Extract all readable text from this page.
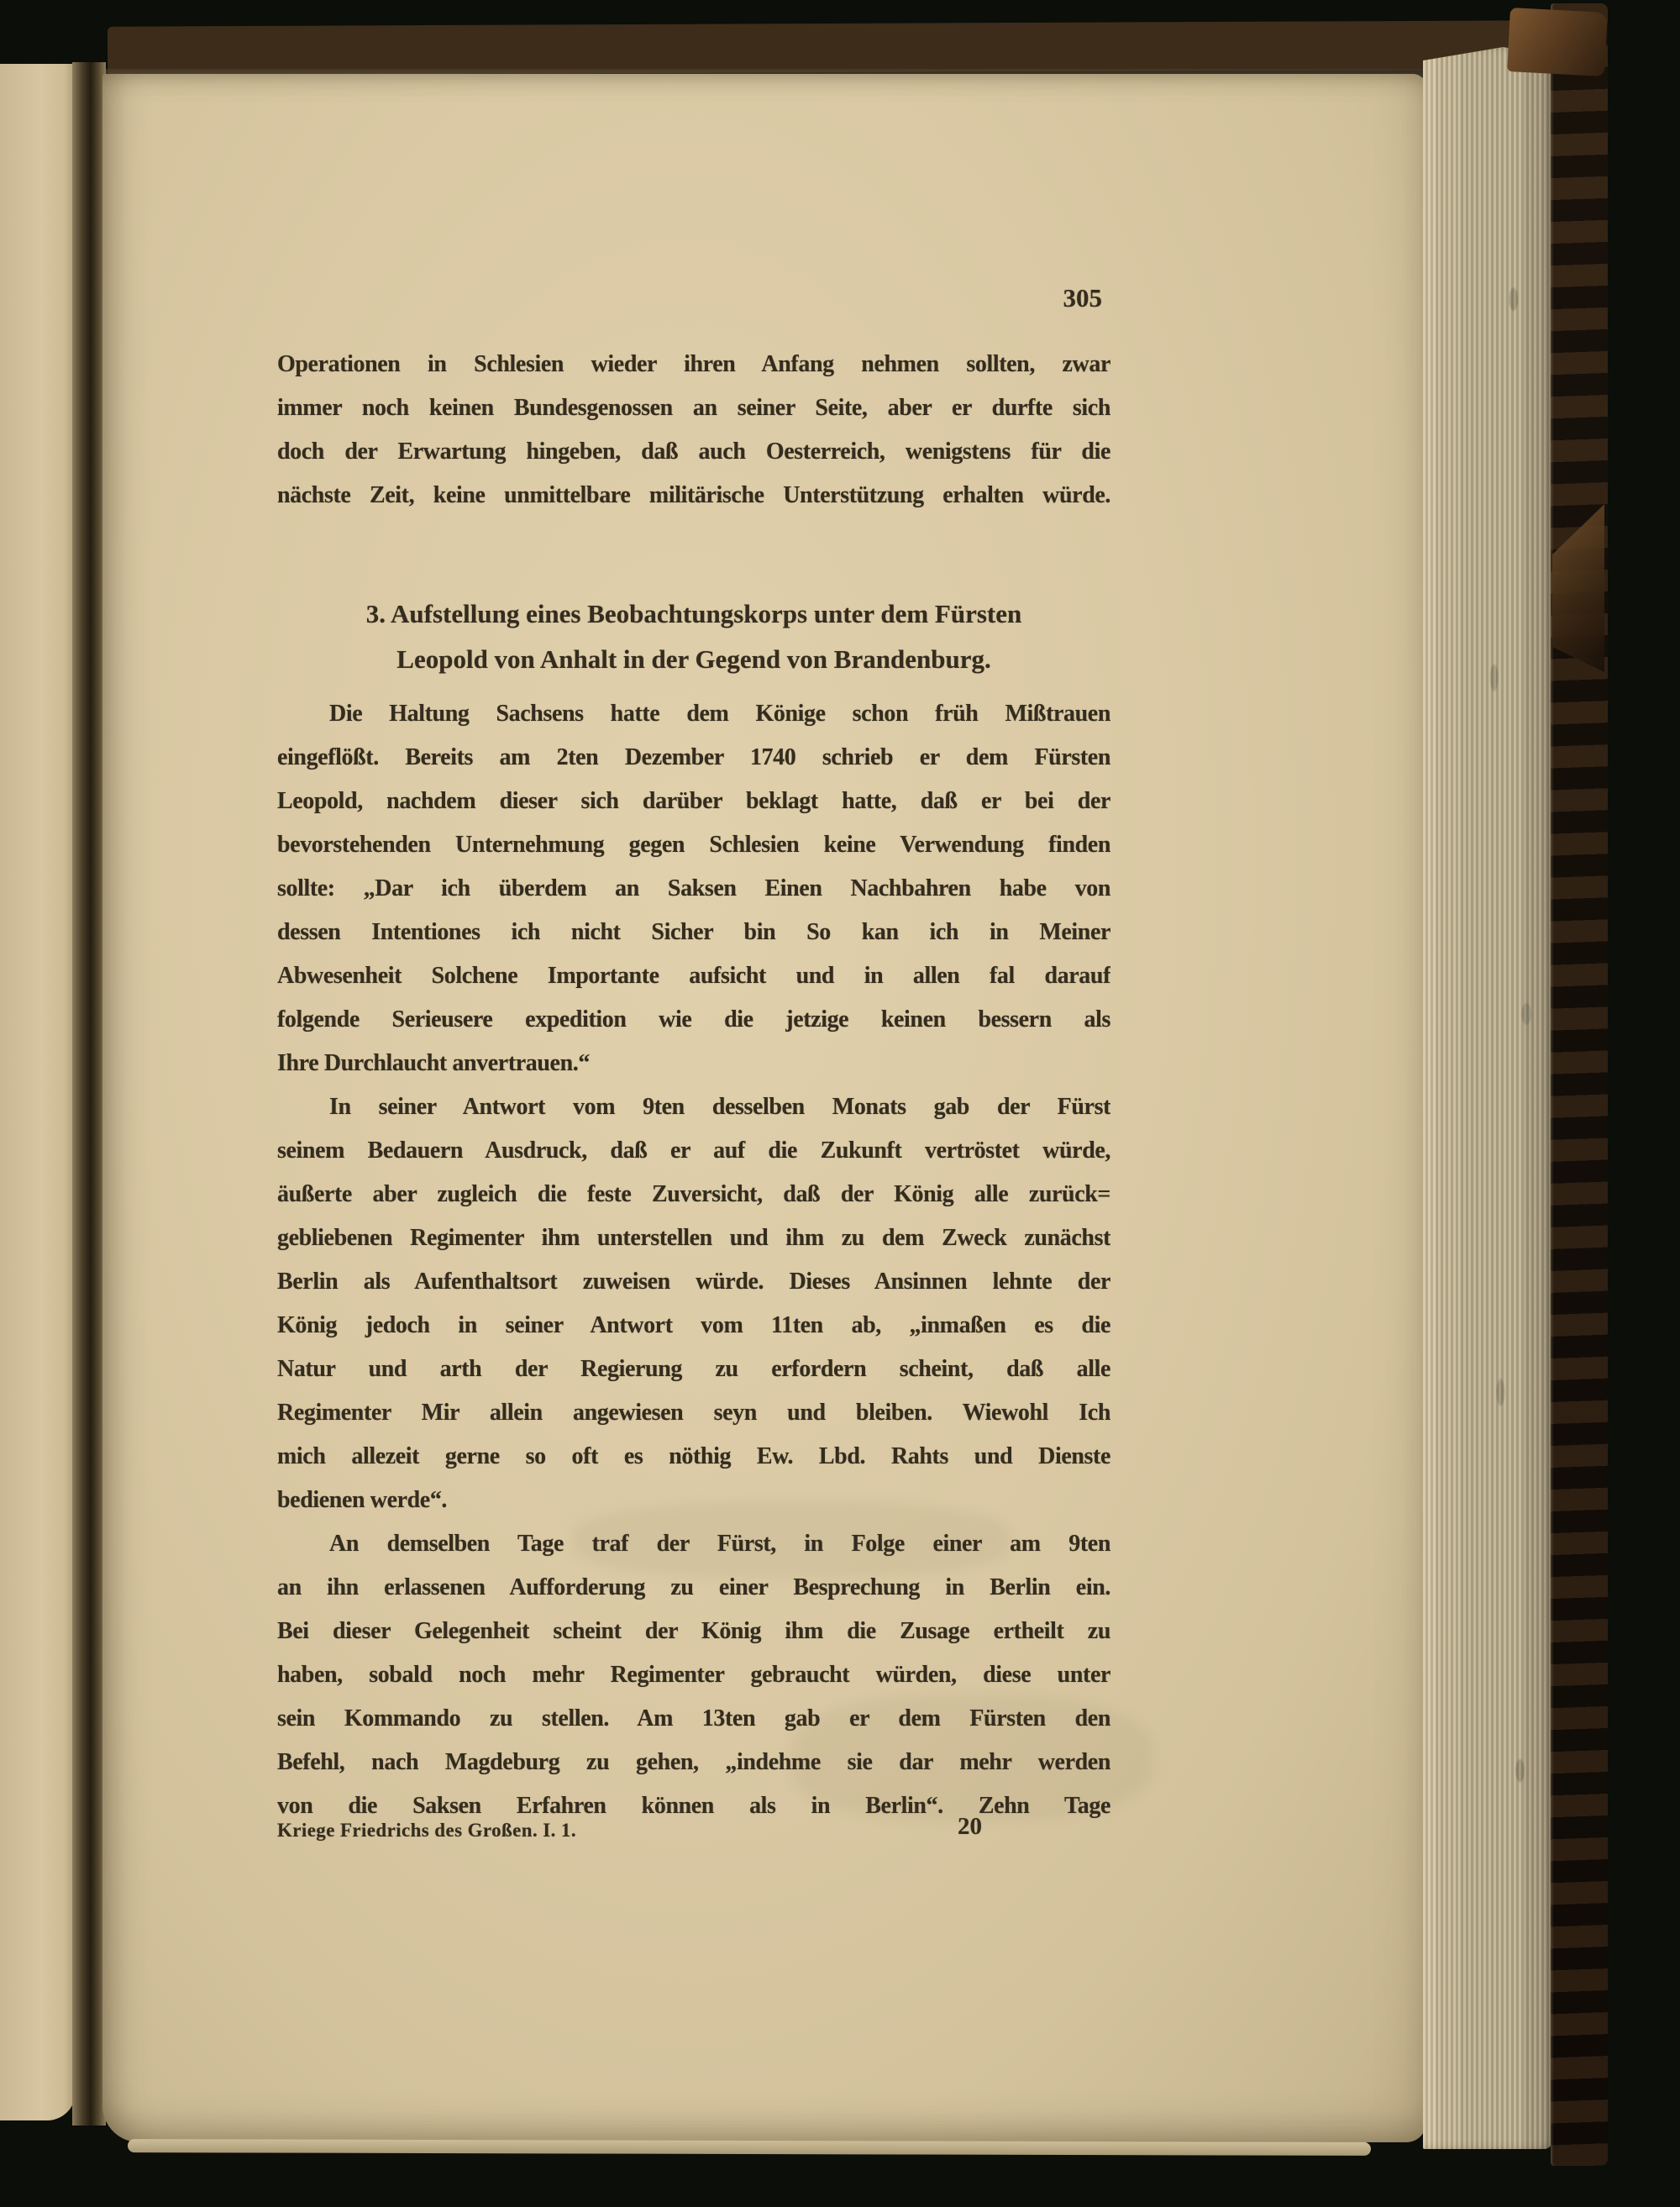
305
Operationen in Schlesien wieder ihren Anfang nehmen sollten, zwar
immer noch keinen Bundesgenossen an seiner Seite, aber er durfte sich
doch der Erwartung hingeben, daß auch Oesterreich, wenigstens für die
nächste Zeit, keine unmittelbare militärische Unterstützung erhalten würde.
3. Aufstellung eines Beobachtungskorps unter dem Fürsten
Leopold von Anhalt in der Gegend von Brandenburg.
Die Haltung Sachsens hatte dem Könige schon früh Mißtrauen
eingeflößt. Bereits am 2ten Dezember 1740 schrieb er dem Fürsten
Leopold, nachdem dieser sich darüber beklagt hatte, daß er bei der
bevorstehenden Unternehmung gegen Schlesien keine Verwendung finden
sollte: „Dar ich überdem an Saksen Einen Nachbahren habe von
dessen Intentiones ich nicht Sicher bin So kan ich in Meiner
Abwesenheit Solchene Importante aufsicht und in allen fal darauf
folgende Serieusere expedition wie die jetzige keinen bessern als
Ihre Durchlaucht anvertrauen.“
In seiner Antwort vom 9ten desselben Monats gab der Fürst
seinem Bedauern Ausdruck, daß er auf die Zukunft vertröstet würde,
äußerte aber zugleich die feste Zuversicht, daß der König alle zurück=
gebliebenen Regimenter ihm unterstellen und ihm zu dem Zweck zunächst
Berlin als Aufenthaltsort zuweisen würde. Dieses Ansinnen lehnte der
König jedoch in seiner Antwort vom 11ten ab, „inmaßen es die
Natur und arth der Regierung zu erfordern scheint, daß alle
Regimenter Mir allein angewiesen seyn und bleiben. Wiewohl Ich
mich allezeit gerne so oft es nöthig Ew. Lbd. Rahts und Dienste
bedienen werde“.
An demselben Tage traf der Fürst, in Folge einer am 9ten
an ihn erlassenen Aufforderung zu einer Besprechung in Berlin ein.
Bei dieser Gelegenheit scheint der König ihm die Zusage ertheilt zu
haben, sobald noch mehr Regimenter gebraucht würden, diese unter
sein Kommando zu stellen. Am 13ten gab er dem Fürsten den
Befehl, nach Magdeburg zu gehen, „indehme sie dar mehr werden
von die Saksen Erfahren können als in Berlin“. Zehn Tage
Kriege Friedrichs des Großen. I. 1.	20
